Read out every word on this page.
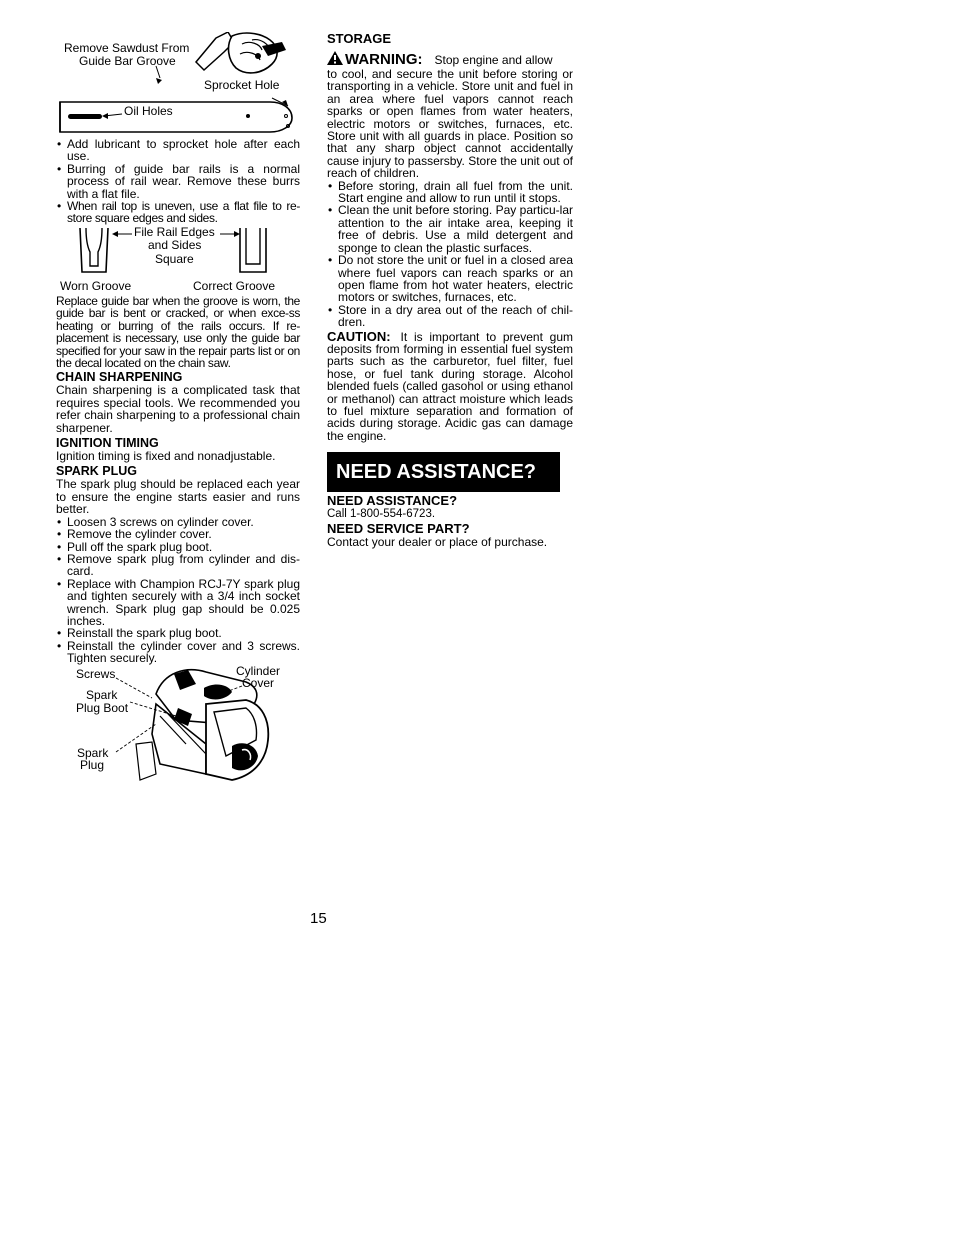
Remove Sawdust From
Guide Bar Groove
Sprocket Hole
Oil Holes
• Add lubricant to sprocket hole after each use.
• Burring of guide bar rails is a normal process of rail wear. Remove these burrs with a flat file.
• When rail top is uneven, use a flat file to re-store square edges and sides.
File Rail Edges
and Sides
Square
Worn Groove	Correct Groove

Replace guide bar when the groove is worn, the guide bar is bent or cracked, or when exce-ss heating or burring of the rails occurs. If re-placement is necessary, use only the guide bar specified for your saw in the repair parts list or on the decal located on the chain saw.

CHAIN SHARPENING

Chain sharpening is a complicated task that requires special tools. We recommended you refer chain sharpening to a professional chain sharpener.

IGNITION TIMING

Ignition timing is fixed and nonadjustable.

SPARK PLUG

The spark plug should be replaced each year to ensure the engine starts easier and runs better.

• Loosen 3 screws on cylinder cover.
• Remove the cylinder cover.
• Pull off the spark plug boot.
• Remove spark plug from cylinder and dis-card.
• Replace with Champion RCJ-7Y spark plug and tighten securely with a 3/4 inch socket wrench. Spark plug gap should be 0.025 inches.
• Reinstall the spark plug boot.
• Reinstall the cylinder cover and 3 screws. Tighten securely.
Screws	Cylinder
Cover
Spark
Plug Boot
Spark
Plug
STORAGE
WARNING: Stop engine and allow

to cool, and secure the unit before storing or transporting in a vehicle. Store unit and fuel in an area where fuel vapors cannot reach sparks or open flames from water heaters, electric motors or switches, furnaces, etc. Store unit with all guards in place. Position so that any sharp object cannot accidentally cause injury to passersby. Store the unit out of reach of children.

• Before storing, drain all fuel from the unit. Start engine and allow to run until it stops.
• Clean the unit before storing. Pay particu-lar attention to the air intake area, keeping it free of debris. Use a mild detergent and sponge to clean the plastic surfaces.
• Do not store the unit or fuel in a closed area where fuel vapors can reach sparks or an open flame from hot water heaters, electric motors or switches, furnaces, etc.
• Store in a dry area out of the reach of chil-dren.

CAUTION: It is important to prevent gum deposits from forming in essential fuel system parts such as the carburetor, fuel filter, fuel hose, or fuel tank during storage. Alcohol blended fuels (called gasohol or using ethanol or methanol) can attract moisture which leads to fuel mixture separation and formation of acids during storage. Acidic gas can damage the engine.

NEED ASSISTANCE?
NEED ASSISTANCE?

Call 1-800-554-6723.

NEED SERVICE PART?

Contact your dealer or place of purchase.

15
